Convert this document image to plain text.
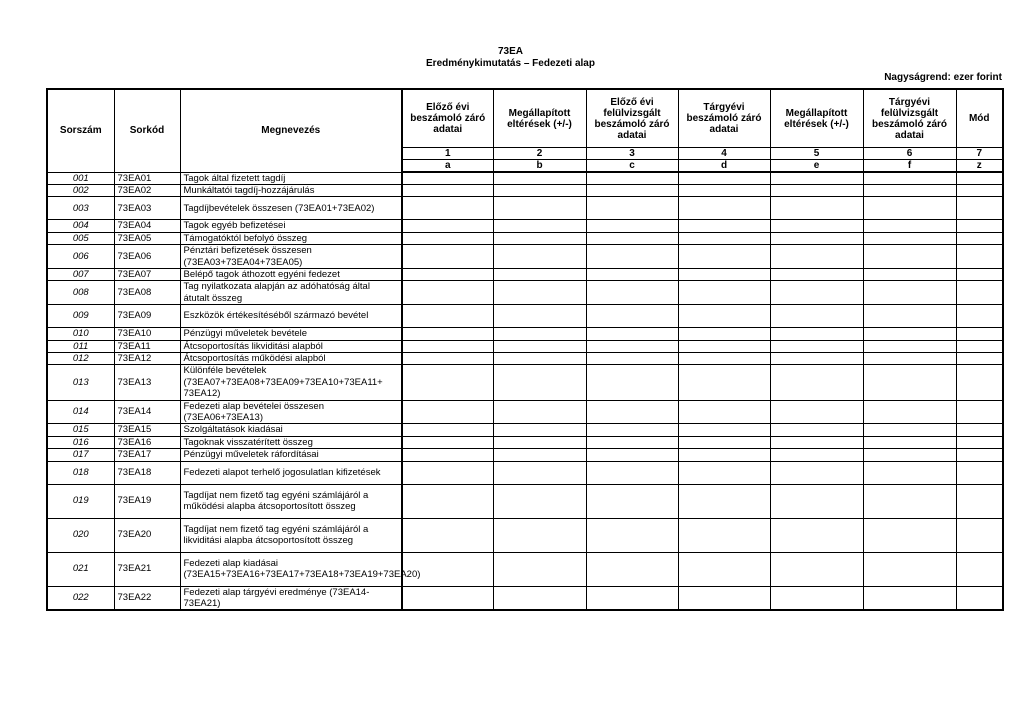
73EA
Eredménykimutatás – Fedezeti alap
Nagyságrend: ezer forint
Sorszám	Sorkód	Megnevezés	Előző évi beszámoló záró adatai	Megállapított eltérések (+/-)	Előző évi felülvizsgált beszámoló záró adatai	Tárgyévi beszámoló záró adatai	Megállapított eltérések (+/-)	Tárgyévi felülvizsgált beszámoló záró adatai	Mód
			1	2	3	4	5	6	7
			a	b	c	d	e	f	z
001	73EA01	Tagok által fizetett tagdíj							
002	73EA02	Munkáltatói tagdíj-hozzájárulás							
003	73EA03	Tagdíjbevételek összesen (73EA01+73EA02)							
004	73EA04	Tagok egyéb befizetései							
005	73EA05	Támogatóktól befolyó összeg							
006	73EA06	Pénztári befizetések összesen (73EA03+73EA04+73EA05)							
007	73EA07	Belépő tagok áthozott egyéni fedezet							
008	73EA08	Tag nyilatkozata alapján az adóhatóság által átutalt összeg							
009	73EA09	Eszközök értékesítéséből származó bevétel							
010	73EA10	Pénzügyi műveletek bevétele							
011	73EA11	Átcsoportosítás likviditási alapból							
012	73EA12	Átcsoportosítás működési alapból							
013	73EA13	Különféle bevételek (73EA07+73EA08+73EA09+73EA10+73EA11+ 73EA12)							
014	73EA14	Fedezeti alap bevételei összesen (73EA06+73EA13)							
015	73EA15	Szolgáltatások kiadásai							
016	73EA16	Tagoknak visszatérített összeg							
017	73EA17	Pénzügyi műveletek ráfordításai							
018	73EA18	Fedezeti alapot terhelő jogosulatlan kifizetések							
019	73EA19	Tagdíjat nem fizető tag egyéni számlájáról a működési alapba átcsoportosított összeg							
020	73EA20	Tagdíjat nem fizető tag egyéni számlájáról a likviditási alapba átcsoportosított összeg							
021	73EA21	Fedezeti alap kiadásai (73EA15+73EA16+73EA17+73EA18+73EA19+73EA20)							
022	73EA22	Fedezeti alap tárgyévi eredménye (73EA14-73EA21)							
